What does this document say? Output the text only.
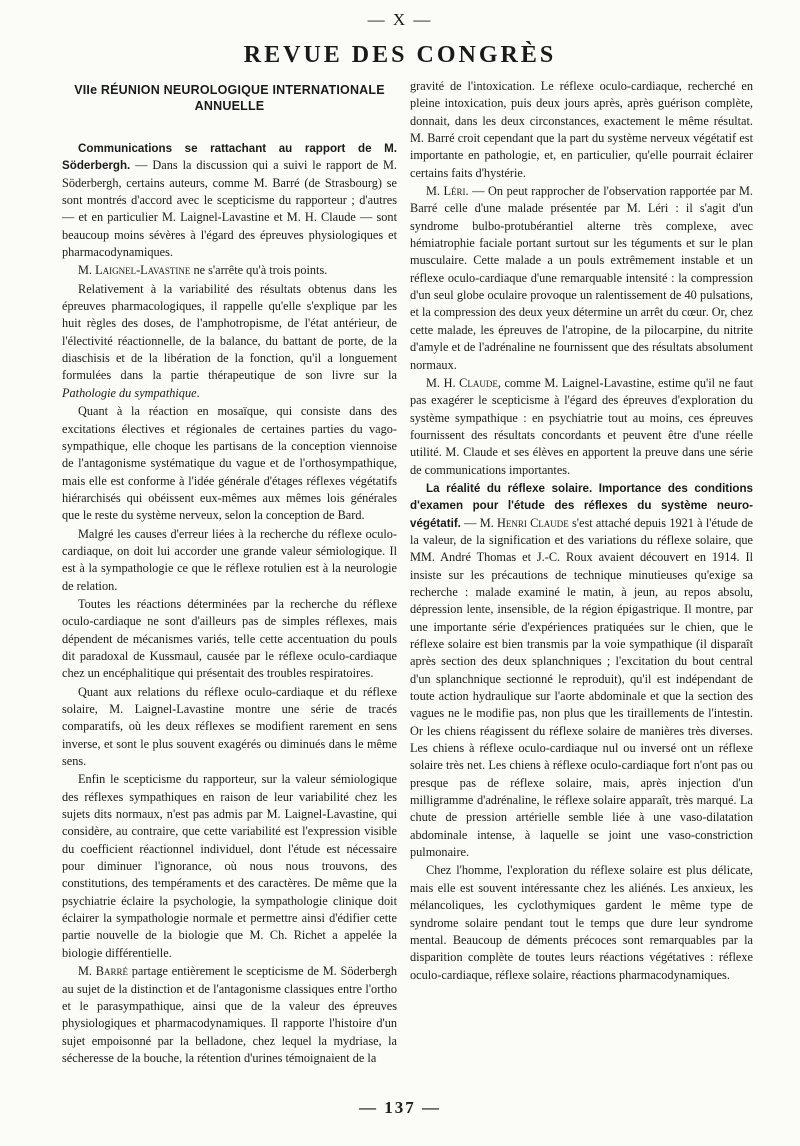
— X —
REVUE DES CONGRÈS
VIIe RÉUNION NEUROLOGIQUE INTERNATIONALE ANNUELLE

Communications se rattachant au rapport de M. Söderbergh. — Dans la discussion qui a suivi le rapport de M. Söderbergh, certains auteurs, comme M. Barré (de Strasbourg) se sont montrés d'accord avec le scepticisme du rapporteur ; d'autres — et en particulier M. Laignel-Lavastine et M. H. Claude — sont beaucoup moins sévères à l'égard des épreuves physiologiques et pharmacodynamiques.

M. Laignel-Lavastine ne s'arrête qu'à trois points.

Relativement à la variabilité des résultats obtenus dans les épreuves pharmacologiques, il rappelle qu'elle s'explique par les huit règles des doses, de l'amphotropisme, de l'état antérieur, de l'électivité réactionnelle, de la balance, du battant de porte, de la diaschisis et de la libération de la fonction, qu'il a longuement formulées dans la partie thérapeutique de son livre sur la Pathologie du sympathique.

Quant à la réaction en mosaïque, qui consiste dans des excitations électives et régionales de certaines parties du vago-sympathique, elle choque les partisans de la conception viennoise de l'antagonisme systématique du vague et de l'orthosympathique, mais elle est conforme à l'idée générale d'étages réflexes végétatifs hiérarchisés qui obéissent eux-mêmes aux mêmes lois générales que le reste du système nerveux, selon la conception de Bard.

Malgré les causes d'erreur liées à la recherche du réflexe oculo-cardiaque, on doit lui accorder une grande valeur sémiologique. Il est à la sympathologie ce que le réflexe rotulien est à la neurologie de relation.

Toutes les réactions déterminées par la recherche du réflexe oculo-cardiaque ne sont d'ailleurs pas de simples réflexes, mais dépendent de mécanismes variés, telle cette accentuation du pouls dit paradoxal de Kussmaul, causée par le réflexe oculo-cardiaque chez un encéphalitique qui présentait des troubles respiratoires.

Quant aux relations du réflexe oculo-cardiaque et du réflexe solaire, M. Laignel-Lavastine montre une série de tracés comparatifs, où les deux réflexes se modifient rarement en sens inverse, et sont le plus souvent exagérés ou diminués dans le même sens.

Enfin le scepticisme du rapporteur, sur la valeur sémiologique des réflexes sympathiques en raison de leur variabilité chez les sujets dits normaux, n'est pas admis par M. Laignel-Lavastine, qui considère, au contraire, que cette variabilité est l'expression visible du coefficient réactionnel individuel, dont l'étude est nécessaire pour diminuer l'ignorance, où nous nous trouvons, des constitutions, des tempéraments et des caractères. De même que la psychiatrie éclaire la psychologie, la sympathologie clinique doit éclairer la sympathologie normale et permettre ainsi d'édifier cette partie nouvelle de la biologie que M. Ch. Richet a appelée la biologie différentielle.

M. Barré partage entièrement le scepticisme de M. Söderbergh au sujet de la distinction et de l'antagonisme classiques entre l'ortho et le parasympathique, ainsi que de la valeur des épreuves physiologiques et pharmacodynamiques. Il rapporte l'histoire d'un sujet empoisonné par la belladone, chez lequel la mydriase, la sécheresse de la bouche, la rétention d'urines témoignaient de la

gravité de l'intoxication. Le réflexe oculo-cardiaque, recherché en pleine intoxication, puis deux jours après, après guérison complète, donnait, dans les deux circonstances, exactement le même résultat. M. Barré croit cependant que la part du système nerveux végétatif est importante en pathologie, et, en particulier, qu'elle pourrait éclairer certains faits d'hystérie.

M. Léri. — On peut rapprocher de l'observation rapportée par M. Barré celle d'une malade présentée par M. Léri : il s'agit d'un syndrome bulbo-protubérantiel alterne très complexe, avec hémiatrophie faciale portant surtout sur les téguments et sur le plan musculaire. Cette malade a un pouls extrêmement instable et un réflexe oculo-cardiaque d'une remarquable intensité : la compression d'un seul globe oculaire provoque un ralentissement de 40 pulsations, et la compression des deux yeux détermine un arrêt du cœur. Or, chez cette malade, les épreuves de l'atropine, de la pilocarpine, du nitrite d'amyle et de l'adrénaline ne fournissent que des résultats absolument normaux.

M. H. Claude, comme M. Laignel-Lavastine, estime qu'il ne faut pas exagérer le scepticisme à l'égard des épreuves d'exploration du système sympathique : en psychiatrie tout au moins, ces épreuves fournissent des résultats concordants et peuvent être d'une réelle utilité. M. Claude et ses élèves en apportent la preuve dans une série de communications importantes.

La réalité du réflexe solaire. Importance des conditions d'examen pour l'étude des réflexes du système neuro-végétatif. — M. Henri Claude s'est attaché depuis 1921 à l'étude de la valeur, de la signification et des variations du réflexe solaire, que MM. André Thomas et J.-C. Roux avaient découvert en 1914. Il insiste sur les précautions de technique minutieuses qu'exige sa recherche : malade examiné le matin, à jeun, au repos absolu, dépression lente, insensible, de la région épigastrique. Il montre, par une importante série d'expériences pratiquées sur le chien, que le réflexe solaire est bien transmis par la voie sympathique (il disparaît après section des deux splanchniques ; l'excitation du bout central d'un splanchnique sectionné le reproduit), qu'il est indépendant de toute action hydraulique sur l'aorte abdominale et que la section des vagues ne le modifie pas, non plus que les tiraillements de l'intestin. Or les chiens réagissent du réflexe solaire de manières très diverses. Les chiens à réflexe oculo-cardiaque nul ou inversé ont un réflexe solaire très net. Les chiens à réflexe oculo-cardiaque fort n'ont pas ou presque pas de réflexe solaire, mais, après injection d'un milligramme d'adrénaline, le réflexe solaire apparaît, très marqué. La chute de pression artérielle semble liée à une vaso-dilatation abdominale intense, à laquelle se joint une vaso-constriction pulmonaire.

Chez l'homme, l'exploration du réflexe solaire est plus délicate, mais elle est souvent intéressante chez les aliénés. Les anxieux, les mélancoliques, les cyclothymiques gardent le même type de syndrome solaire pendant tout le temps que dure leur syndrome mental. Beaucoup de déments précoces sont remarquables par la disparition complète de toutes leurs réactions végétatives : réflexe oculo-cardiaque, réflexe solaire, réactions pharmacodynamiques.

— 137 —
